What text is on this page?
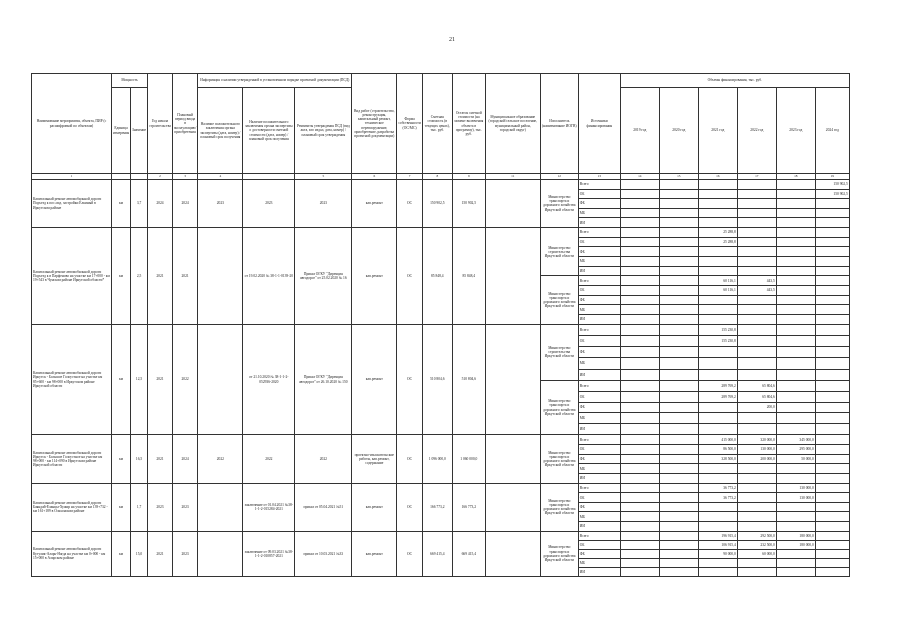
21
Наименование мероприятия, объекта, ПИР (с расшифровкой по объектам)	Мощность		Год начала строительства	Плановый период ввода в эксплуатацию/приобретения	Информация о наличии утвержденной в установленном порядке проектной документации (ПСД)			Вид работ (строительство, реконструкция, капитальный ремонт, техническое перевооружение, приобретение, разработка проектной документации)	Форма собственности (ОС/МС)	Сметная стоимость (в текущих ценах), тыс. руб.	Остаток сметной стоимости (на момент включения объекта в программу), тыс. руб.	Муниципальное образование (городской/сельское поселение, муниципальный район, городской округ)	Исполнитель (наименование ИОГВ)	Источники финансирования	Объемы финансирования, тыс. руб.					
	Единица измерения	Значение			Наличие положительного заключения органа экспертизы (дата, номер) / плановый срок получения	Наличие положительного заключения органа экспертизы о достоверности сметной стоимости (дата, номер) / плановый срок получения	Реквизиты утверждения ПСД (вид акта, кто издал, дата, номер) / плановый срок утверждения								2019 год	2020 год	2021 год	2022 год	2023 год	2024 год

1			2	3	4		5	6	7	8	9	11	12	13	14	15	16	17	18	19
Капитальный ремонт автомобильной дороги Подъезд к пос.оид. застройки Ёлкиный в Иркутском районе	км	3,7	2024	2024	2023	2023	2023	кап.ремонт	ОС	150 902,5	150 902,5		Министерство транспорта и дорожного хозяйства Иркутской области	Всего						150 902,5
														ОБ						150 902,5
														ФБ						
														МБ						
														ИИ						
Капитальный ремонт автомобильной дороги Подъезд к в Парфеново на участке км 17+000 - км 19+543 в Чунском районе Иркутской области*	км	2,5	2021	2021		от 19.02.2020 № 38-1-1-0139-20	Приказ ОГКУ "Дирекция автодорог" от 25.02.2020 № 16	кап.ремонт	ОС	85 848,4	85 848,4		Министерство строительства Иркутской области	Всего			25 288,8			
														ОБ			25 288,8			
														ФБ						
														МБ						
														ИИ						
													Министерство транспорта и дорожного хозяйства Иркутской области	Всего			60 116,1	443,5		
														ОБ			60 116,1	443,5		
														ФБ						
														МБ						
														ИИ						
Капитальный ремонт автомобильной дороги Иркутск - Большое Голоустное на участке км 85+600 - км 98+000 в Иркутском районе Иркутской области	км	12,5	2021	2022		от 21.10.2020 № 38-1-1-2-052936-2020	Приказ ОГКУ "Дирекция автодорог" от 26.10.2020 № 150	кап.ремонт	ОС	510 804,6	510 804,6		Министерство строительства Иркутской области	Всего			155 230,8			
														ОБ			155 230,8			
														ФБ						
														МБ						
														ИИ						
													Министерство транспорта и дорожного хозяйства Иркутской области	Всего			289 769,2	65 804,6		
														ОБ			289 769,2	65 804,6		
														ФБ				200,0		
														МБ						
														ИИ						
Капитальный ремонт автомобильной дороги Иркутск - Большое Голоустное на участке км 98+000 - км 114+090 в Иркутском районе Иркутской области	км	16,5	2021	2024	2022	2022	2022	проектно-изыскательские работы, кап.ремонт, содержание	ОС	1 096 000,0	1 060 000,0		Министерство транспорта и дорожного хозяйства Иркутской области	Всего			415 000,0	320 000,0	345 000,0	
														ОБ			86 500,0	130 000,0	295 000,0	
														ФБ			328 500,0	200 000,0	50 000,0	
														МБ						
														ИИ						
Капитальный ремонт автомобильной дороги Баяндай-Еланцы-Хужир на участке км 139+732 - км 161+189 в Ольхонском районе	км	1,7	2023	2023		заключение от 01.04.2021 №38-1-1-2-015284-2021	приказ от 05.04.2021 №51	кап.ремонт	ОС	166 773,2	166 773,2		Министерство транспорта и дорожного хозяйства Иркутской области	Всего			36 773,2		130 000,0	
														ОБ			36 773,2		130 000,0	
														ФБ						
														МБ						
														ИИ						
Капитальный ремонт автомобильной дороги Кутулик-Аларь-Нагда на участке км 0+000 - км 15+000 в Аларском районе	км	15,0	2021	2023		заключение от 09.03.2021 №38-1-1-2-010857-2021	приказ от 10.03.2021 №33	кап.ремонт	ОС	669 415,4	669 415,4		Министерство транспорта и дорожного хозяйства Иркутской области	Всего			196 915,4	292 500,0	180 000,0	
														ОБ			106 915,4	232 500,0	180 000,0	
														ФБ			90 000,0	60 000,0		
														МБ						
														ИИ						
